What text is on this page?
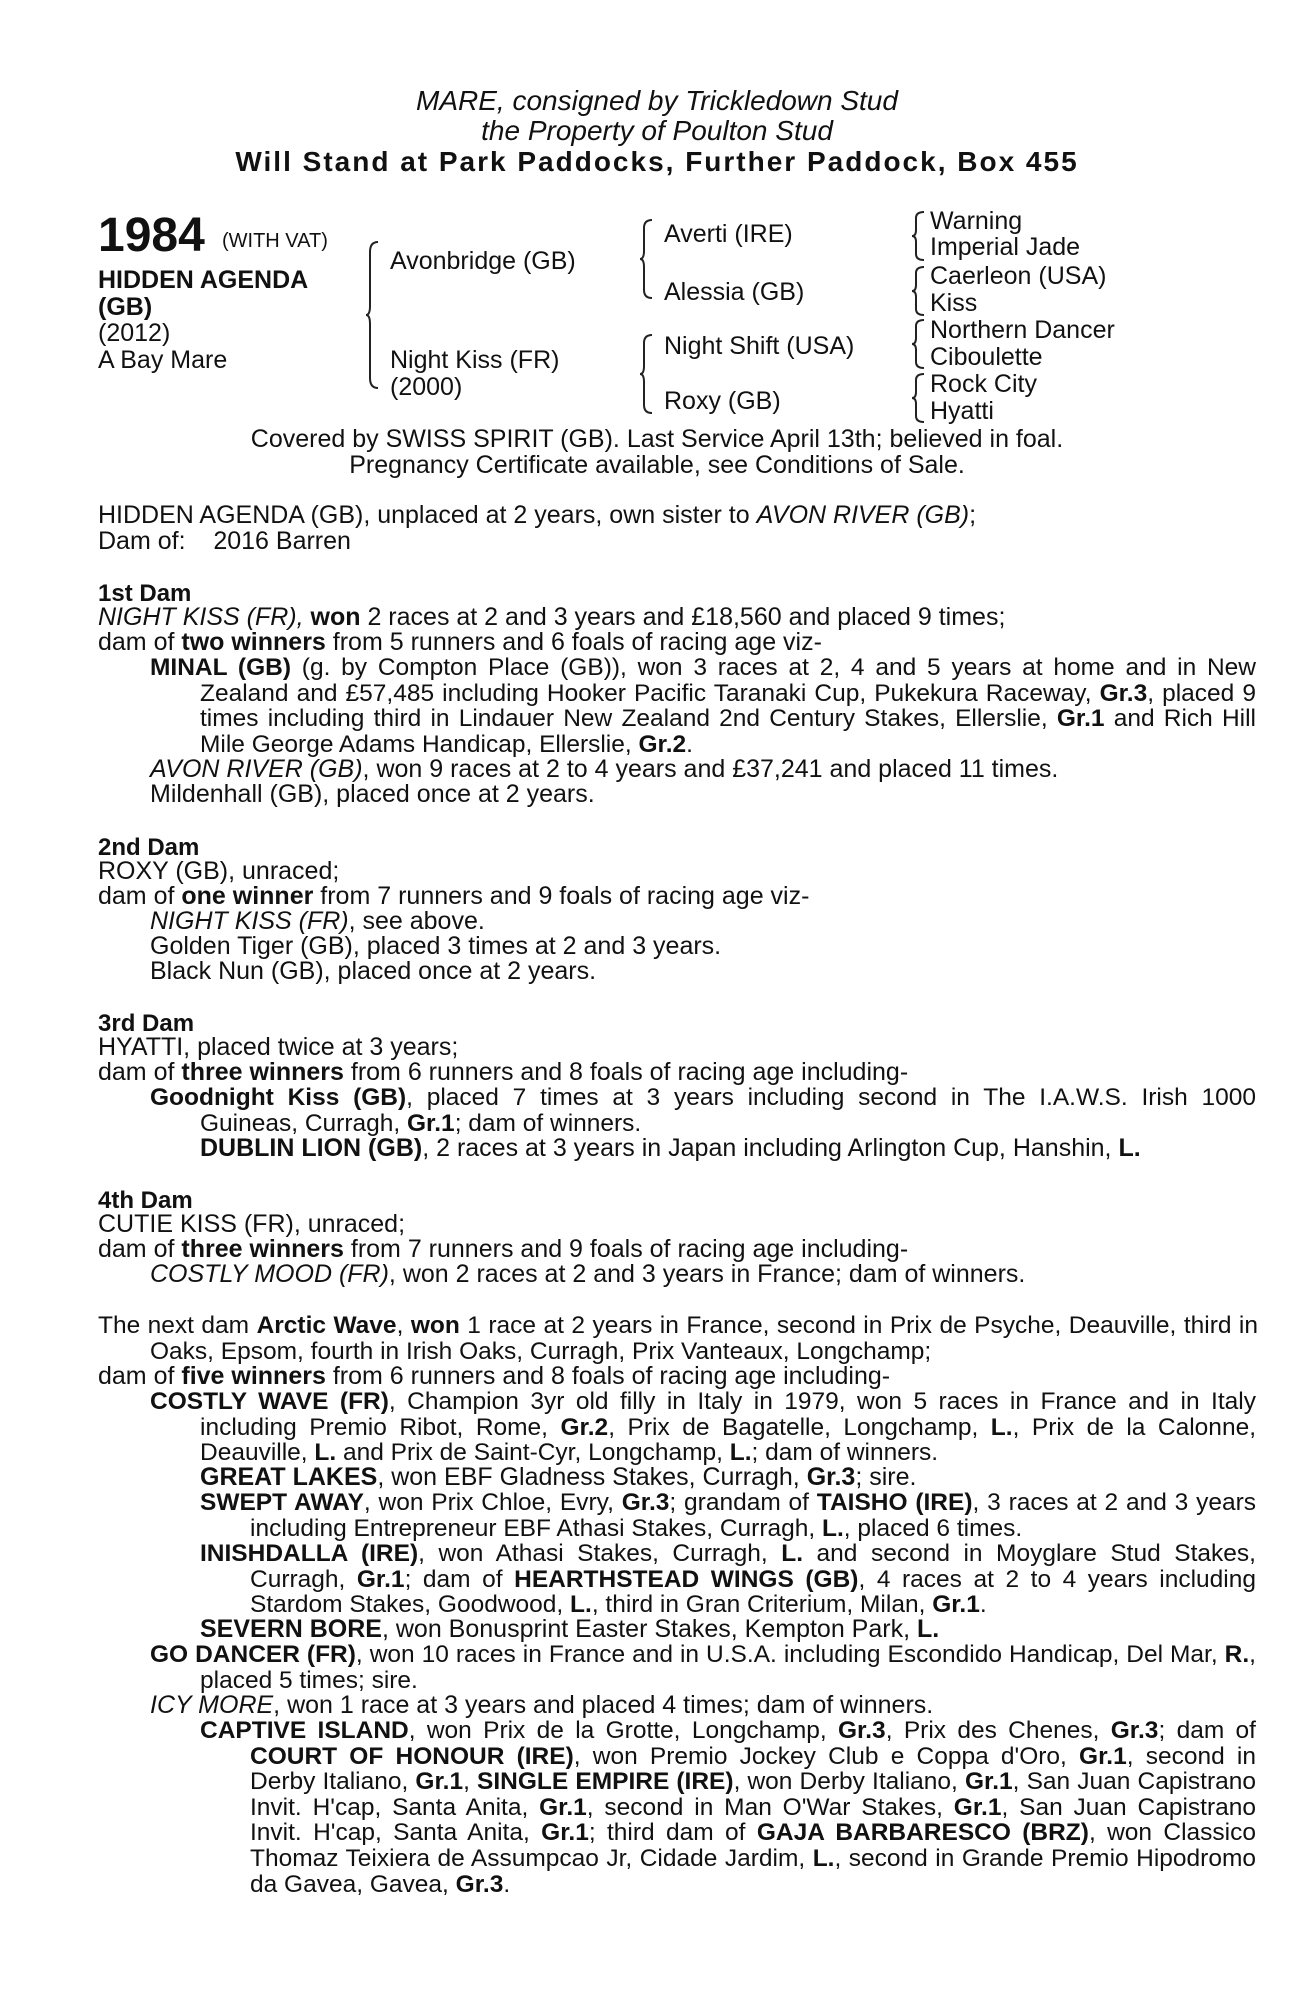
MARE, consigned by Trickledown Stud
the Property of Poulton Stud
Will Stand at Park Paddocks, Further Paddock, Box 455
1984 (WITH VAT)
HIDDEN AGENDA
(GB)
(2012)
A Bay Mare
Avonbridge (GB)
Night Kiss (FR)
(2000)
Averti (IRE)
Alessia (GB)
Night Shift (USA)
Roxy (GB)
Warning
Imperial Jade
Caerleon (USA)
Kiss
Northern Dancer
Ciboulette
Rock City
Hyatti
Covered by SWISS SPIRIT (GB). Last Service April 13th; believed in foal.
Pregnancy Certificate available, see Conditions of Sale.
HIDDEN AGENDA (GB), unplaced at 2 years, own sister to AVON RIVER (GB);
Dam of: 2016 Barren
1st Dam
NIGHT KISS (FR), won 2 races at 2 and 3 years and £18,560 and placed 9 times;
dam of two winners from 5 runners and 6 foals of racing age viz-
MINAL (GB) (g. by Compton Place (GB)), won 3 races at 2, 4 and 5 years at home and in New Zealand and £57,485 including Hooker Pacific Taranaki Cup, Pukekura Raceway, Gr.3, placed 9 times including third in Lindauer New Zealand 2nd Century Stakes, Ellerslie, Gr.1 and Rich Hill Mile George Adams Handicap, Ellerslie, Gr.2.
AVON RIVER (GB), won 9 races at 2 to 4 years and £37,241 and placed 11 times.
Mildenhall (GB), placed once at 2 years.
2nd Dam
ROXY (GB), unraced;
dam of one winner from 7 runners and 9 foals of racing age viz-
NIGHT KISS (FR), see above.
Golden Tiger (GB), placed 3 times at 2 and 3 years.
Black Nun (GB), placed once at 2 years.
3rd Dam
HYATTI, placed twice at 3 years;
dam of three winners from 6 runners and 8 foals of racing age including-
Goodnight Kiss (GB), placed 7 times at 3 years including second in The I.A.W.S. Irish 1000 Guineas, Curragh, Gr.1; dam of winners.
DUBLIN LION (GB), 2 races at 3 years in Japan including Arlington Cup, Hanshin, L.
4th Dam
CUTIE KISS (FR), unraced;
dam of three winners from 7 runners and 9 foals of racing age including-
COSTLY MOOD (FR), won 2 races at 2 and 3 years in France; dam of winners.
The next dam Arctic Wave, won 1 race at 2 years in France, second in Prix de Psyche, Deauville, third in Oaks, Epsom, fourth in Irish Oaks, Curragh, Prix Vanteaux, Longchamp;
dam of five winners from 6 runners and 8 foals of racing age including-
COSTLY WAVE (FR), Champion 3yr old filly in Italy in 1979, won 5 races in France and in Italy including Premio Ribot, Rome, Gr.2, Prix de Bagatelle, Longchamp, L., Prix de la Calonne, Deauville, L. and Prix de Saint-Cyr, Longchamp, L.; dam of winners.
GREAT LAKES, won EBF Gladness Stakes, Curragh, Gr.3; sire.
SWEPT AWAY, won Prix Chloe, Evry, Gr.3; grandam of TAISHO (IRE), 3 races at 2 and 3 years including Entrepreneur EBF Athasi Stakes, Curragh, L., placed 6 times.
INISHDALLA (IRE), won Athasi Stakes, Curragh, L. and second in Moyglare Stud Stakes, Curragh, Gr.1; dam of HEARTHSTEAD WINGS (GB), 4 races at 2 to 4 years including Stardom Stakes, Goodwood, L., third in Gran Criterium, Milan, Gr.1.
SEVERN BORE, won Bonusprint Easter Stakes, Kempton Park, L.
GO DANCER (FR), won 10 races in France and in U.S.A. including Escondido Handicap, Del Mar, R., placed 5 times; sire.
ICY MORE, won 1 race at 3 years and placed 4 times; dam of winners.
CAPTIVE ISLAND, won Prix de la Grotte, Longchamp, Gr.3, Prix des Chenes, Gr.3; dam of COURT OF HONOUR (IRE), won Premio Jockey Club e Coppa d'Oro, Gr.1, second in Derby Italiano, Gr.1, SINGLE EMPIRE (IRE), won Derby Italiano, Gr.1, San Juan Capistrano Invit. H'cap, Santa Anita, Gr.1, second in Man O'War Stakes, Gr.1, San Juan Capistrano Invit. H'cap, Santa Anita, Gr.1; third dam of GAJA BARBARESCO (BRZ), won Classico Thomaz Teixiera de Assumpcao Jr, Cidade Jardim, L., second in Grande Premio Hipodromo da Gavea, Gavea, Gr.3.
